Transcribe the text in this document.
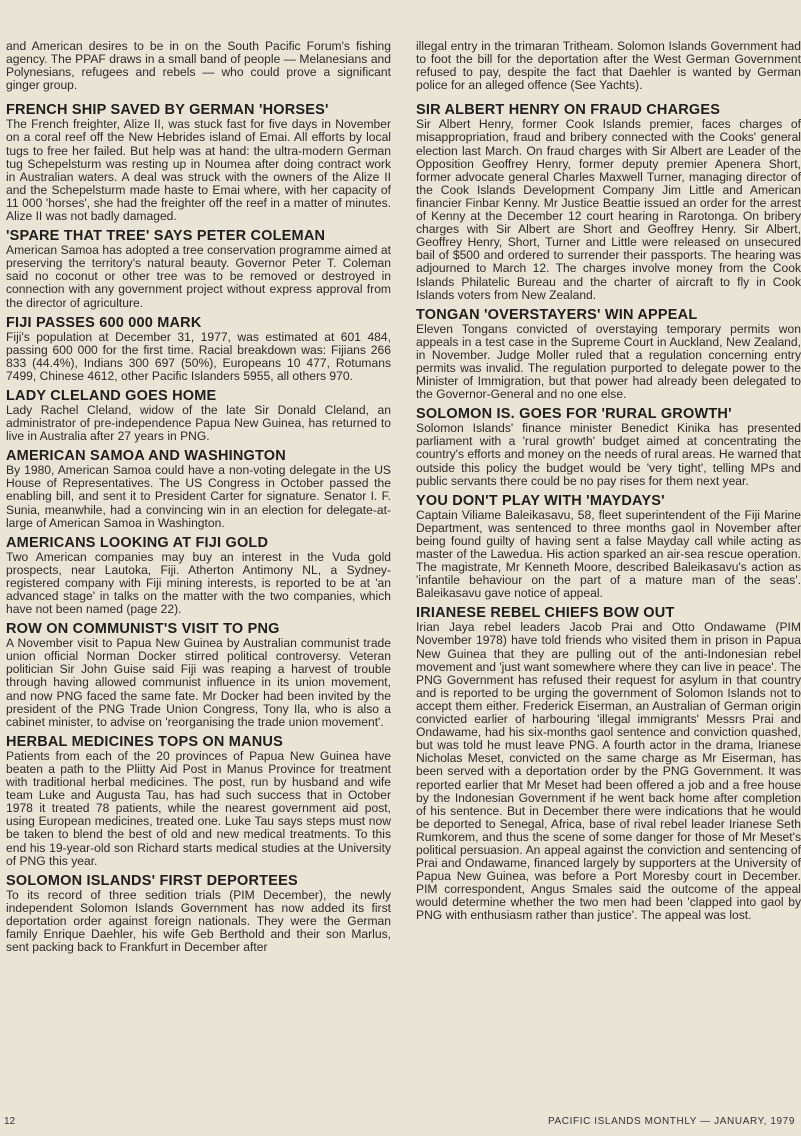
and American desires to be in on the South Pacific Forum's fishing agency. The PPAF draws in a small band of people — Melanesians and Polynesians, refugees and rebels — who could prove a significant ginger group.

FRENCH SHIP SAVED BY GERMAN 'HORSES'

The French freighter, Alize II, was stuck fast for five days in November on a coral reef off the New Hebrides island of Emai. All efforts by local tugs to free her failed. But help was at hand: the ultra-modern German tug Schepelsturm was resting up in Noumea after doing contract work in Australian waters. A deal was struck with the owners of the Alize II and the Schepelsturm made haste to Emai where, with her capacity of 11 000 'horses', she had the freighter off the reef in a matter of minutes. Alize II was not badly damaged.

'SPARE THAT TREE' SAYS PETER COLEMAN

American Samoa has adopted a tree conservation programme aimed at preserving the territory's natural beauty. Governor Peter T. Coleman said no coconut or other tree was to be removed or destroyed in connection with any government project without express approval from the director of agriculture.

FIJI PASSES 600 000 MARK

Fiji's population at December 31, 1977, was estimated at 601 484, passing 600 000 for the first time. Racial breakdown was: Fijians 266 833 (44.4%), Indians 300 697 (50%), Europeans 10 477, Rotumans 7499, Chinese 4612, other Pacific Islanders 5955, all others 970.

LADY CLELAND GOES HOME

Lady Rachel Cleland, widow of the late Sir Donald Cleland, an administrator of pre-independence Papua New Guinea, has returned to live in Australia after 27 years in PNG.

AMERICAN SAMOA AND WASHINGTON

By 1980, American Samoa could have a non-voting delegate in the US House of Representatives. The US Congress in October passed the enabling bill, and sent it to President Carter for signature. Senator I. F. Sunia, meanwhile, had a convincing win in an election for delegate-at-large of American Samoa in Washington.

AMERICANS LOOKING AT FIJI GOLD

Two American companies may buy an interest in the Vuda gold prospects, near Lautoka, Fiji. Atherton Antimony NL, a Sydney-registered company with Fiji mining interests, is reported to be at 'an advanced stage' in talks on the matter with the two companies, which have not been named (page 22).

ROW ON COMMUNIST'S VISIT TO PNG

A November visit to Papua New Guinea by Australian communist trade union official Norman Docker stirred political controversy. Veteran politician Sir John Guise said Fiji was reaping a harvest of trouble through having allowed communist influence in its union movement, and now PNG faced the same fate. Mr Docker had been invited by the president of the PNG Trade Union Congress, Tony Ila, who is also a cabinet minister, to advise on 'reorganising the trade union movement'.

HERBAL MEDICINES TOPS ON MANUS

Patients from each of the 20 provinces of Papua New Guinea have beaten a path to the Pliitty Aid Post in Manus Province for treatment with traditional herbal medicines. The post, run by husband and wife team Luke and Augusta Tau, has had such success that in October 1978 it treated 78 patients, while the nearest government aid post, using European medicines, treated one. Luke Tau says steps must now be taken to blend the best of old and new medical treatments. To this end his 19-year-old son Richard starts medical studies at the University of PNG this year.

SOLOMON ISLANDS' FIRST DEPORTEES

To its record of three sedition trials (PIM December), the newly independent Solomon Islands Government has now added its first deportation order against foreign nationals. They were the German family Enrique Daehler, his wife Geb Berthold and their son Marlus, sent packing back to Frankfurt in December after

illegal entry in the trimaran Tritheam. Solomon Islands Government had to foot the bill for the deportation after the West German Government refused to pay, despite the fact that Daehler is wanted by German police for an alleged offence (See Yachts).

SIR ALBERT HENRY ON FRAUD CHARGES

Sir Albert Henry, former Cook Islands premier, faces charges of misappropriation, fraud and bribery connected with the Cooks' general election last March. On fraud charges with Sir Albert are Leader of the Opposition Geoffrey Henry, former deputy premier Apenera Short, former advocate general Charles Maxwell Turner, managing director of the Cook Islands Development Company Jim Little and American financier Finbar Kenny. Mr Justice Beattie issued an order for the arrest of Kenny at the December 12 court hearing in Rarotonga. On bribery charges with Sir Albert are Short and Geoffrey Henry. Sir Albert, Geoffrey Henry, Short, Turner and Little were released on unsecured bail of $500 and ordered to surrender their passports. The hearing was adjourned to March 12. The charges involve money from the Cook Islands Philatelic Bureau and the charter of aircraft to fly in Cook Islands voters from New Zealand.

TONGAN 'OVERSTAYERS' WIN APPEAL

Eleven Tongans convicted of overstaying temporary permits won appeals in a test case in the Supreme Court in Auckland, New Zealand, in November. Judge Moller ruled that a regulation concerning entry permits was invalid. The regulation purported to delegate power to the Minister of Immigration, but that power had already been delegated to the Governor-General and no one else.

SOLOMON IS. GOES FOR 'RURAL GROWTH'

Solomon Islands' finance minister Benedict Kinika has presented parliament with a 'rural growth' budget aimed at concentrating the country's efforts and money on the needs of rural areas. He warned that outside this policy the budget would be 'very tight', telling MPs and public servants there could be no pay rises for them next year.

YOU DON'T PLAY WITH 'MAYDAYS'

Captain Viliame Baleikasavu, 58, fleet superintendent of the Fiji Marine Department, was sentenced to three months gaol in November after being found guilty of having sent a false Mayday call while acting as master of the Lawedua. His action sparked an air-sea rescue operation. The magistrate, Mr Kenneth Moore, described Baleikasavu's action as 'infantile behaviour on the part of a mature man of the seas'. Baleikasavu gave notice of appeal.

IRIANESE REBEL CHIEFS BOW OUT

Irian Jaya rebel leaders Jacob Prai and Otto Ondawame (PIM November 1978) have told friends who visited them in prison in Papua New Guinea that they are pulling out of the anti-Indonesian rebel movement and 'just want somewhere where they can live in peace'. The PNG Government has refused their request for asylum in that country and is reported to be urging the government of Solomon Islands not to accept them either. Frederick Eiserman, an Australian of German origin convicted earlier of harbouring 'illegal immigrants' Messrs Prai and Ondawame, had his six-months gaol sentence and conviction quashed, but was told he must leave PNG. A fourth actor in the drama, Irianese Nicholas Meset, convicted on the same charge as Mr Eiserman, has been served with a deportation order by the PNG Government. It was reported earlier that Mr Meset had been offered a job and a free house by the Indonesian Government if he went back home after completion of his sentence. But in December there were indications that he would be deported to Senegal, Africa, base of rival rebel leader Irianese Seth Rumkorem, and thus the scene of some danger for those of Mr Meset's political persuasion. An appeal against the conviction and sentencing of Prai and Ondawame, financed largely by supporters at the University of Papua New Guinea, was before a Port Moresby court in December. PIM correspondent, Angus Smales said the outcome of the appeal would determine whether the two men had been 'clapped into gaol by PNG with enthusiasm rather than justice'. The appeal was lost.

12	PACIFIC ISLANDS MONTHLY — JANUARY, 1979
